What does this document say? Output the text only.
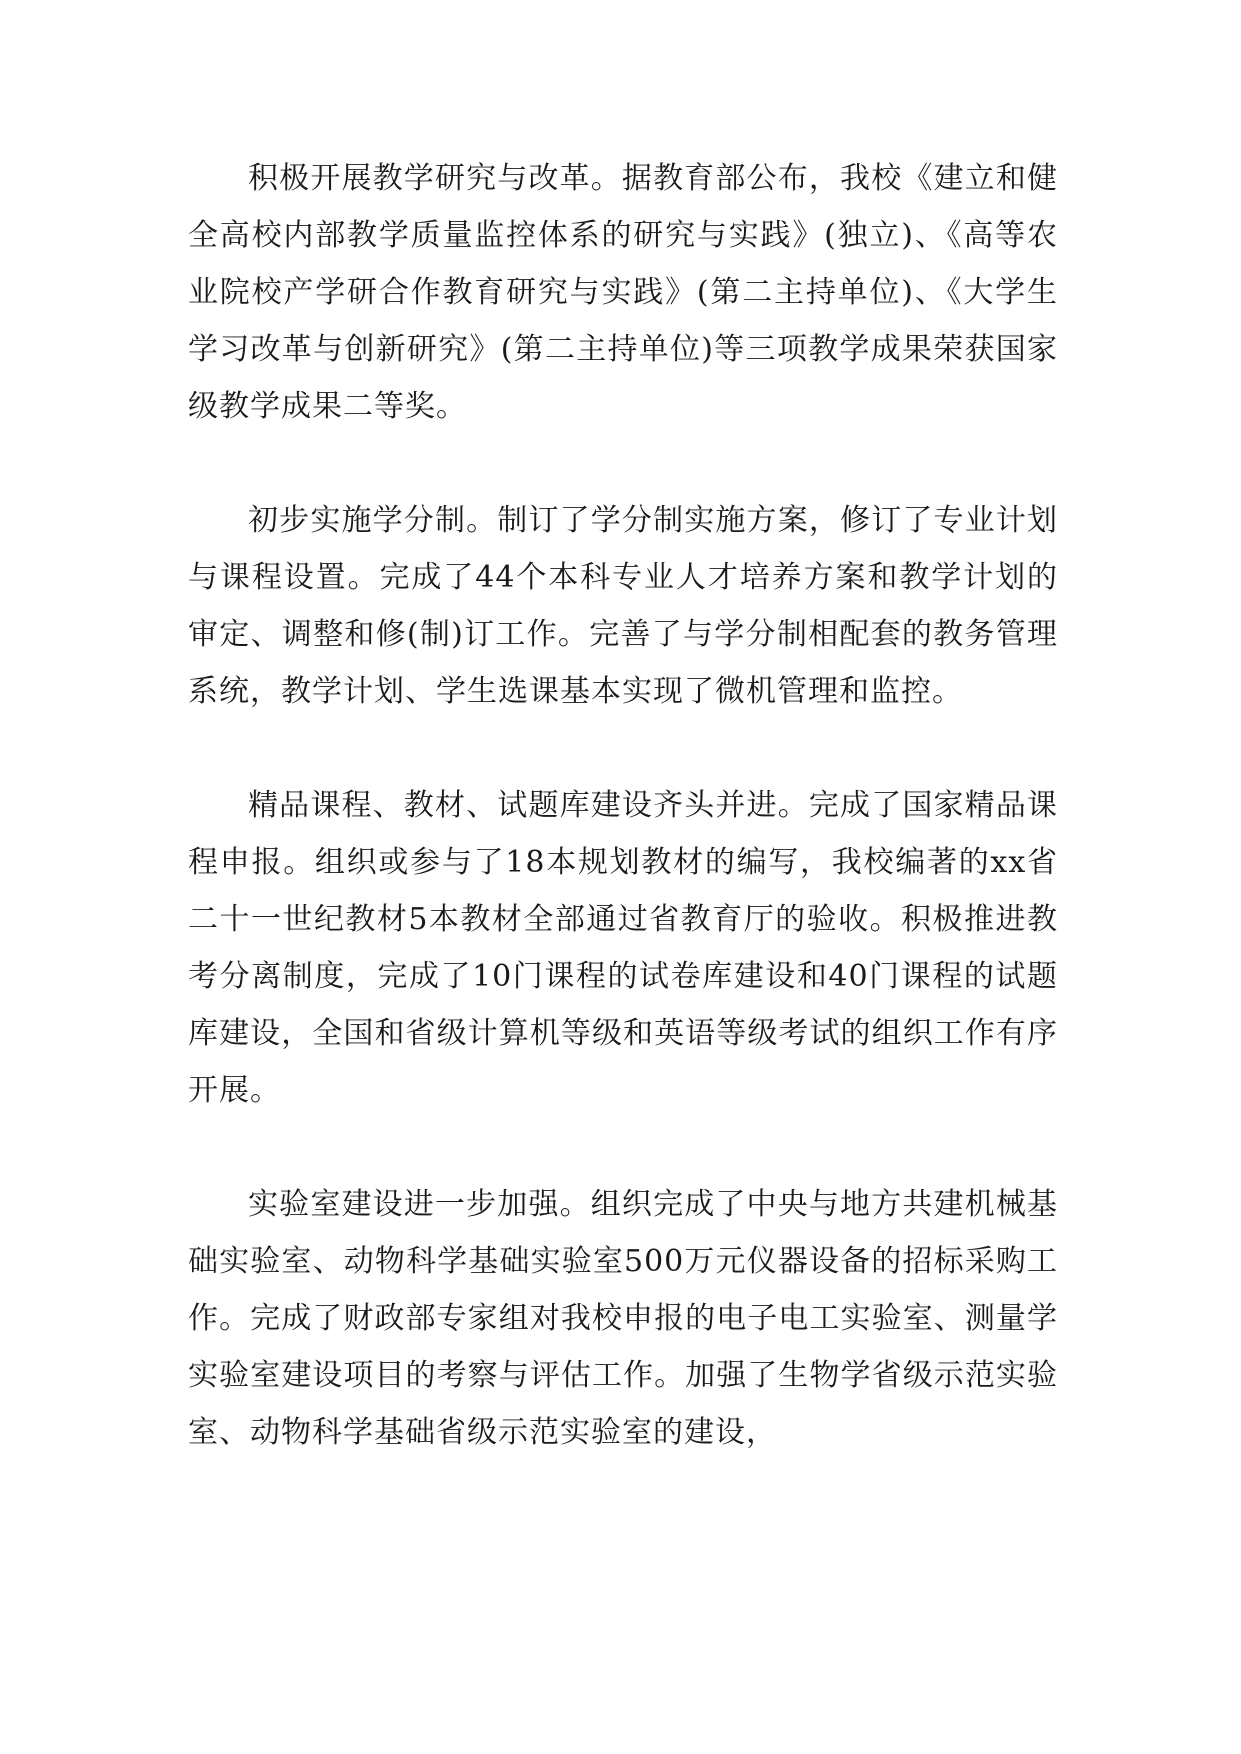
积极开展教学研究与改革。据教育部公布，我校《建立和健全高校内部教学质量监控体系的研究与实践》(独立)、《高等农业院校产学研合作教育研究与实践》(第二主持单位)、《大学生学习改革与创新研究》(第二主持单位)等三项教学成果荣获国家级教学成果二等奖。

初步实施学分制。制订了学分制实施方案，修订了专业计划与课程设置。完成了44个本科专业人才培养方案和教学计划的审定、调整和修(制)订工作。完善了与学分制相配套的教务管理系统，教学计划、学生选课基本实现了微机管理和监控。

精品课程、教材、试题库建设齐头并进。完成了国家精品课程申报。组织或参与了18本规划教材的编写，我校编著的xx省二十一世纪教材5本教材全部通过省教育厅的验收。积极推进教考分离制度，完成了10门课程的试卷库建设和40门课程的试题库建设，全国和省级计算机等级和英语等级考试的组织工作有序开展。

实验室建设进一步加强。组织完成了中央与地方共建机械基础实验室、动物科学基础实验室500万元仪器设备的招标采购工作。完成了财政部专家组对我校申报的电子电工实验室、测量学实验室建设项目的考察与评估工作。加强了生物学省级示范实验室、动物科学基础省级示范实验室的建设，
